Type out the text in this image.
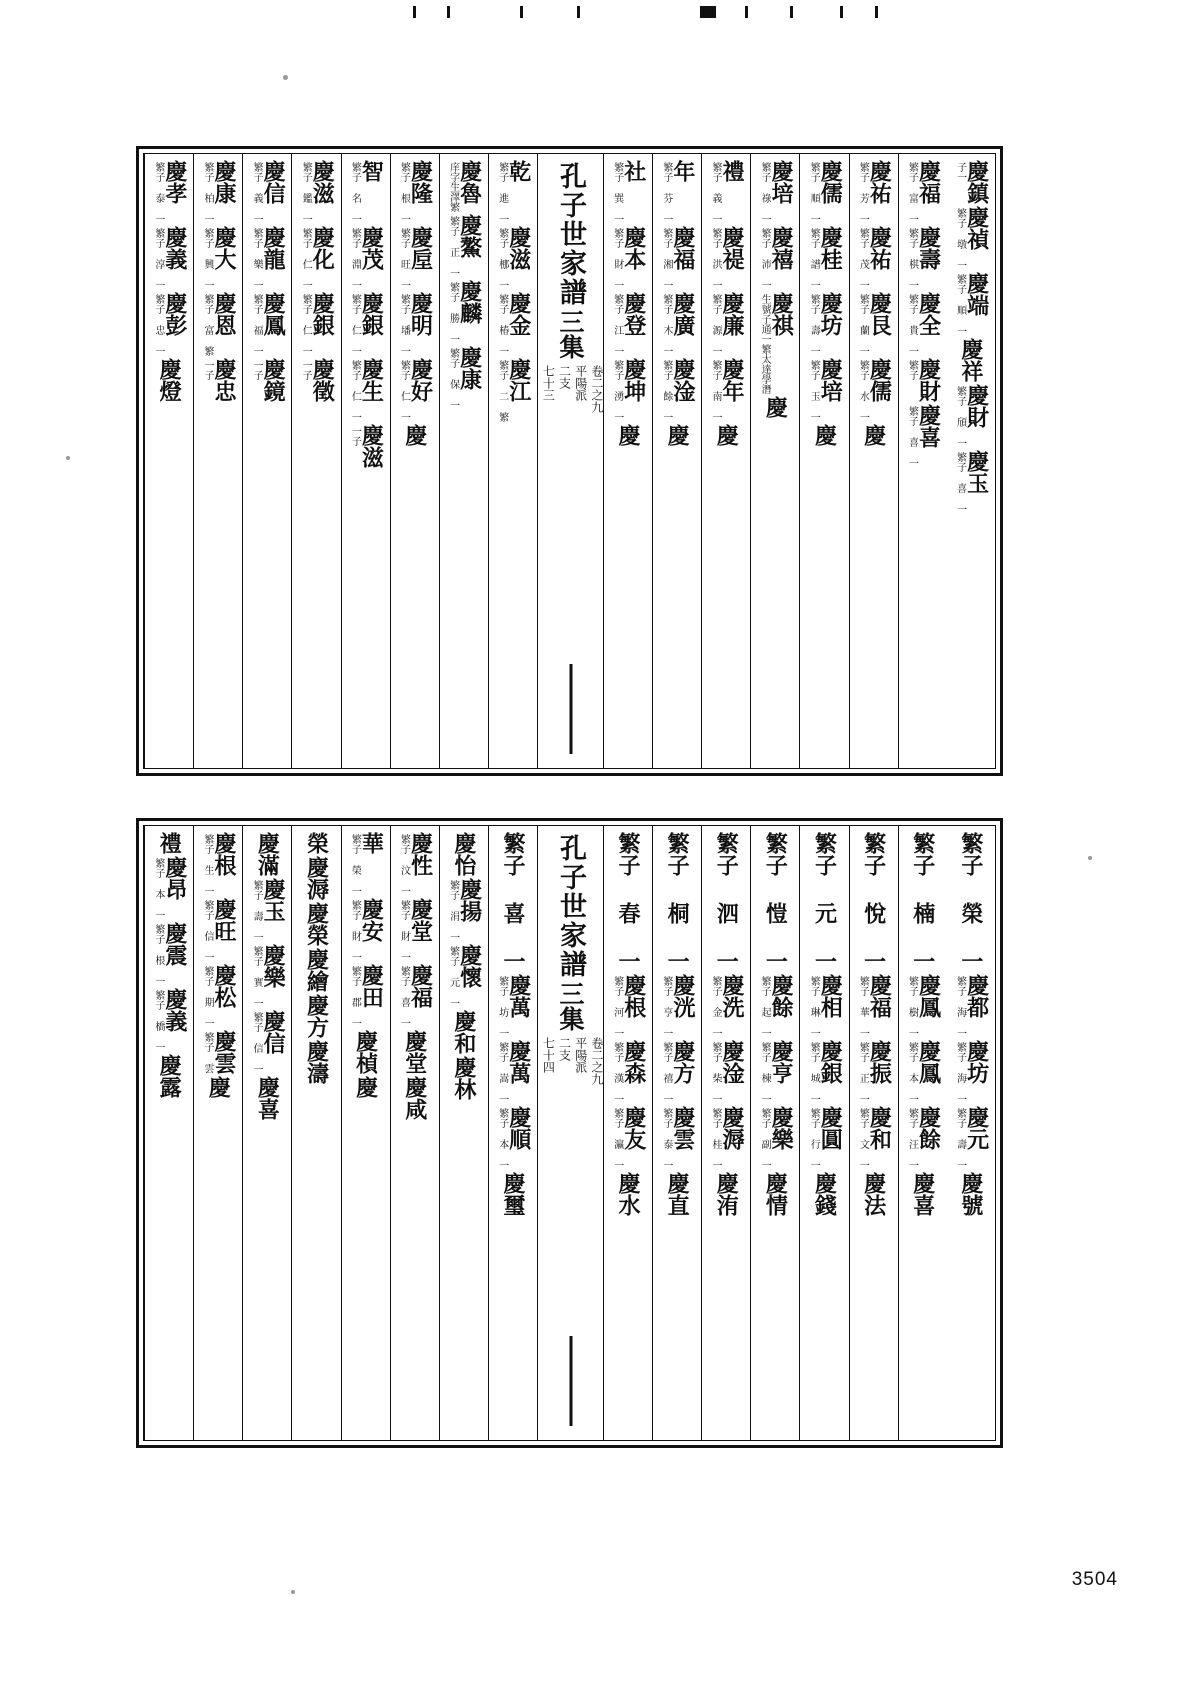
慶鎮
子一
慶禎
繁子 墩 一
慶端
繁子 順 一
慶祥
慶財
繁子 頎 一
慶玉
繁子 喜 一
慶福
繁子 富 一
慶壽
繁子 棋 一
慶全
繁子 貴 一
慶財
繁子
慶喜
繁子 喜 一
慶祐
繁子 芳 一
慶祐
繁子 茂 一
慶艮
繁子 蘭 一
慶儒
繁子 水 一
慶
慶儒
繁子 順 一
慶桂
繁子 譜 一
慶坊
繁子 壽 一
慶培
繁子 玉 一
慶
慶培
繁子 祿 一
慶禧
繁子 沛 一
慶祺
生號子通一繁太達學潛
慶
禮
繁子 義 一
慶禔
繁子 洪 一
慶廉
繁子 源 一
慶年
繁子 南 一
慶
年
繁子 芬 一
慶福
繁子 湘 一
慶廣
繁子 木 一
慶淦
繁子 餘 一
慶
社
繁子 巽 一
慶本
繁子 財 一
慶登
繁子 江 一
慶坤
繁子 湧 一
慶
孔子世家譜
三集
卷二之九
平陽派
二支
七十三
乾
繁子 進 一
慶滋
繁子 梛 一
慶金
繁子 椿 一
慶江
繁子 二 繁
慶魯
庠字生澤繁
慶鰲
繁子 正 一
慶麟
繁子 勝 一
慶康
繁子 保 一
慶隆
繁子 根 一
慶垕
繁子 旺 一
慶明
繁子 墦 一
慶好
繁子 仁 一
慶
智
繁子 名 一
慶茂
繁子 淵 一
慶銀
繁子 仁 一
慶生
繁子 仁 一
慶滋
一子
慶滋
繁子 鑑 一
慶化
繁子 仁 一
慶銀
繁子 仁 一
慶徵
一子
慶信
繁子 義 一
慶龍
繁子 樂 一
慶鳳
繁子 福 一
慶鏡
一子
慶康
繁子 柏 一
慶大
繁子 興 一
慶恩
繁子 富 繁
慶忠
一子
慶孝
繁子 泰 一
慶義
繁子 淳 一
慶彭
繁子 忠 一
慶燈
繁子 榮 一
慶都
繁子 海 一
慶坊
繁子 海 一
慶元
繁子 壽 一
慶號
繁子 楠 一
慶鳳
繁子 樹 一
慶鳳
繁子 本 一
慶餘
繁子 汪 一
慶喜
繁子 悅 一
慶福
繁子 華 一
慶振
繁子 正 一
慶和
繁子 文 一
慶法
繁子 元 一
慶相
繁子 琳 一
慶銀
繁子 城 一
慶圓
繁子 行 一
慶錢
繁子 愷 一
慶餘
繁子 起 一
慶亨
繁子 棟 一
慶樂
繁子 副 一
慶情
繁子 泗 一
慶洗
繁子 金 一
慶淦
繁子 柴 一
慶溽
繁子 桂 一
慶洧
繁子 桐 一
慶洸
繁子 亨 一
慶方
繁子 禧 一
慶雲
繁子 泰 一
慶直
繁子 春 一
慶根
繁子 河 一
慶森
繁子 漢 一
慶友
繁子 瀛 一
慶水
孔子世家譜
三集
卷二之九
平陽派
二支
七十四
繁子 喜 一
慶萬
繁子 坊 一
慶萬
繁子 嵩 一
慶順
繁子 本 一
慶璽
慶怡
慶揚
繁子 涓 一
慶懷
繁子 元 一
慶和
慶林
慶性
繁子 汶 一
慶堂
繁子 財 一
慶福
繁子 喜 一
慶堂
慶咸
華
繁子 榮 一
慶安
繁子 財 一
慶田
繁子 郡 一
慶楨
慶
榮
慶溽
慶榮
慶繪
慶方
慶濤
慶滿
慶玉
繁子 壽 一
慶樂
繁子 實 一
慶信
繁子 信 一
慶喜
慶根
繁子 生 一
慶旺
繁子 信 一
慶松
繁子 期 一
慶雲
繁子 雲
慶
禮
慶昂
繁子 本 一
慶震
繁子 根 一
慶義
繁子 橋 一
慶露
3504
